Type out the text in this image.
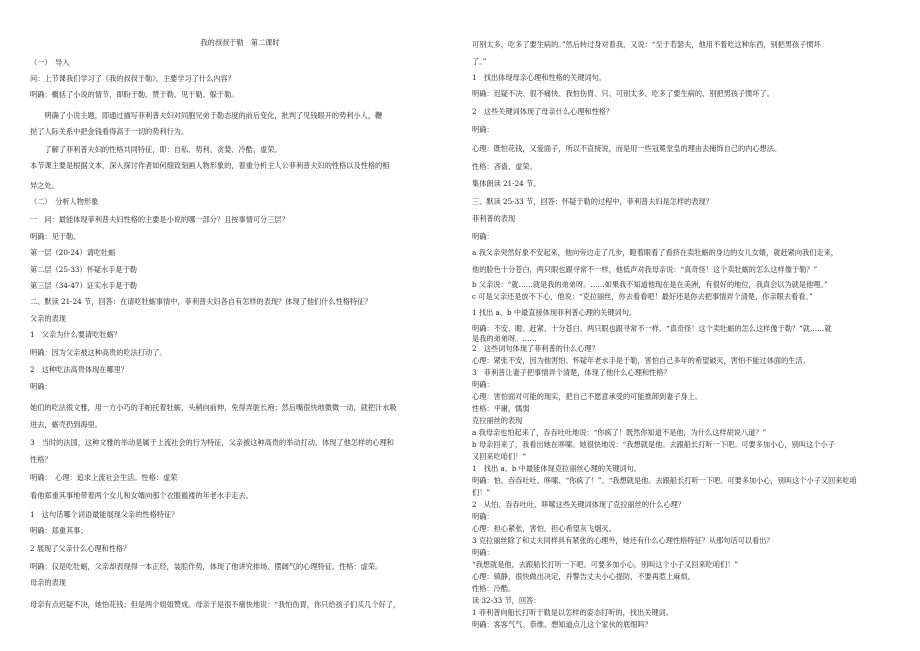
我的叔叔于勒　第二课时
（一）　导入
问：上节课我们学习了《我的叔叔于勒》，主要学习了什么内容？
明确：概括了小说的情节，即盼于勒、赞于勒、见于勒、躲于勒。
明确了小说主题，即通过描写菲利普夫妇对同胞兄弟于勒态度的前后变化，批判了见钱眼开的势利小人，鞭
挞了人际关系中把金钱看得高于一切的势利行为。
了解了菲利普夫妇的性格共同特征，即：自私、势利、贪婪、冷酷、虚荣。
本节课主要是根据文本，深入探讨作者如何细致刻画人物形象的，着重分析主人公菲利普夫妇的性格以及性格的相
异之处。
（二）　分析人物形象
一　问：最能体现菲利普夫妇性格的主要是小说的哪一部分？且按事情可分三层？
明确：见于勒。
第一层（20-24）请吃牡蛎
第二层（25-33）怀疑水手是于勒
第三层（34-47）证实水手是于勒
二、默读 21-24 节，回答：在请吃牡蛎事情中，菲利普夫妇各自有怎样的表现？体现了他们什么性格特征？
父亲的表现
1　父亲为什么要请吃牡蛎？
明确：因为父亲被这种高贵的吃法打动了。
2　这种吃法高贵体现在哪里？
明确：
她们的吃法很文雅，用一方小巧的手帕托着牡蛎，头稍向前伸，免得弄脏长袍；然后嘴很快地微微一动，就把汁水吸
进去，蛎壳扔到海里。
3　当时的法国，这种文雅的举动是属于上流社会的行为特征，父亲被这种高贵的举动打动，体现了他怎样的心理和
性格？
明确：　心理：追求上流社会生活。性格：虚荣
看他郑重其事地带着两个女儿和女婿向那个衣服褴褛的年老水手走去。
1　这句话哪个词语最能展现父亲的性格特征？
明确：郑重其事；
2 展现了父亲什么心理和性格？
明确：仅是吃牡蛎，父亲却表现得一本正经，装腔作势，体现了他讲究排场、摆阔气的心理特征。性格：虚荣。
母亲的表现
母亲有点迟疑不决，她怕花钱；但是两个姐姐赞成。母亲于是很不痛快地说：“我怕伤胃，你只给孩子们买几个好了，
可别太多，吃多了要生病的。”然后转过身对着我，又说：“至于若瑟夫，他用不着吃这种东西，别把男孩子惯坏
了。”
1　找出体现母亲心理和性格的关键词句。
明确：迟疑不决、很不痛快、我怕伤胃、只、可别太多、吃多了要生病的、别把男孩子惯坏了。
2　这些关键词体现了母亲什么心理和性格？
明确：
心理：既怕花钱，又爱面子，所以不直接说，而是用一些冠冕堂皇的理由去掩饰自己的内心想法。
性格：吝啬、虚荣。
集体朗读 21-24 节。
三、默读 25-33 节，回答：怀疑于勒的过程中，菲利普夫妇是怎样的表现？
菲利普的表现
明确：
a 我父亲突然好象不安起来，他向旁边走了几步，瞪着眼看了看挤在卖牡蛎的身边的女儿女婿，就赶紧向我们走来，
他的脸色十分苍白，两只眼也跟寻常不一样，他低声对我母亲说：“真奇怪！这个卖牡蛎的怎么这样像于勒？”
b 父亲说：“就……就是我的弟弟呀。……如果我不知道他现在是在美洲，有很好的地位，我真会以为就是他哩。”
c 可是父亲还是放不下心，他说：“克拉丽丝，你去看看吧！最好还是你去把事情弄个清楚，你亲眼去看看。”
1 找出 a、b 中最直接体现菲利普心理的关键词句。
明确：不安、瞪、赶紧、十分苍白、两只眼也跟寻常不一样、“真奇怪！这个卖牡蛎的怎么这样像于勒？”就……就
是我的弟弟呀。……
2　这些词句体现了菲利普的什么心理？
心理：紧张不安，因为他害怕、怀疑年老水手是于勒，害怕自己多年的希望破灭，害怕不能过体面的生活。
3　菲利普让妻子把事情弄个清楚，体现了他什么心理和性格？
明确：
心理：害怕面对可能的现实，把自己不愿意承受的可能推卸到妻子身上。
性格：平庸，懦弱
克拉丽丝的表现
a 我母亲也怕起来了，吞吞吐吐地说：“你疯了！既然你知道不是他，为什么这样胡说八道？”
b 母亲回来了，我看出她在哆嗦。她很快地说：“我想就是他。去跟船长打听一下吧。可要多加小心，别叫这个小子
又回来吃咱们！”
1　找出 a、b 中最能体现克拉丽丝心理的关键词句。
明确：怕、吞吞吐吐、哆嗦、“你疯了！”、“我想就是他。去跟船长打听一下吧。可要多加小心，别叫这个小子又回来吃咱
们！”
2　从怕、吞吞吐吐、哆嗦这些关键词体现了克拉丽丝的什么心理？
明确：
心理：担心紧张，害怕，担心希望灰飞烟灭。
3 克拉丽丝除了和丈夫同样具有紧张的心理外，她还有什么心理性格特征？从那句话可以看出？
明确：
“我想就是他。去跟船长打听一下吧。可要多加小心，别叫这个小子又回来吃咱们！”
心理：镇静，很快做出决定，并警告丈夫小心提防，不要再惹上麻烦。
性格：冷酷。
读 32-33 节，回答：
1 菲利普向船长打听于勒是以怎样的姿态打听的，找出关键词。
明确：客客气气、恭维、想知道点儿这个家伙的底细吗？
